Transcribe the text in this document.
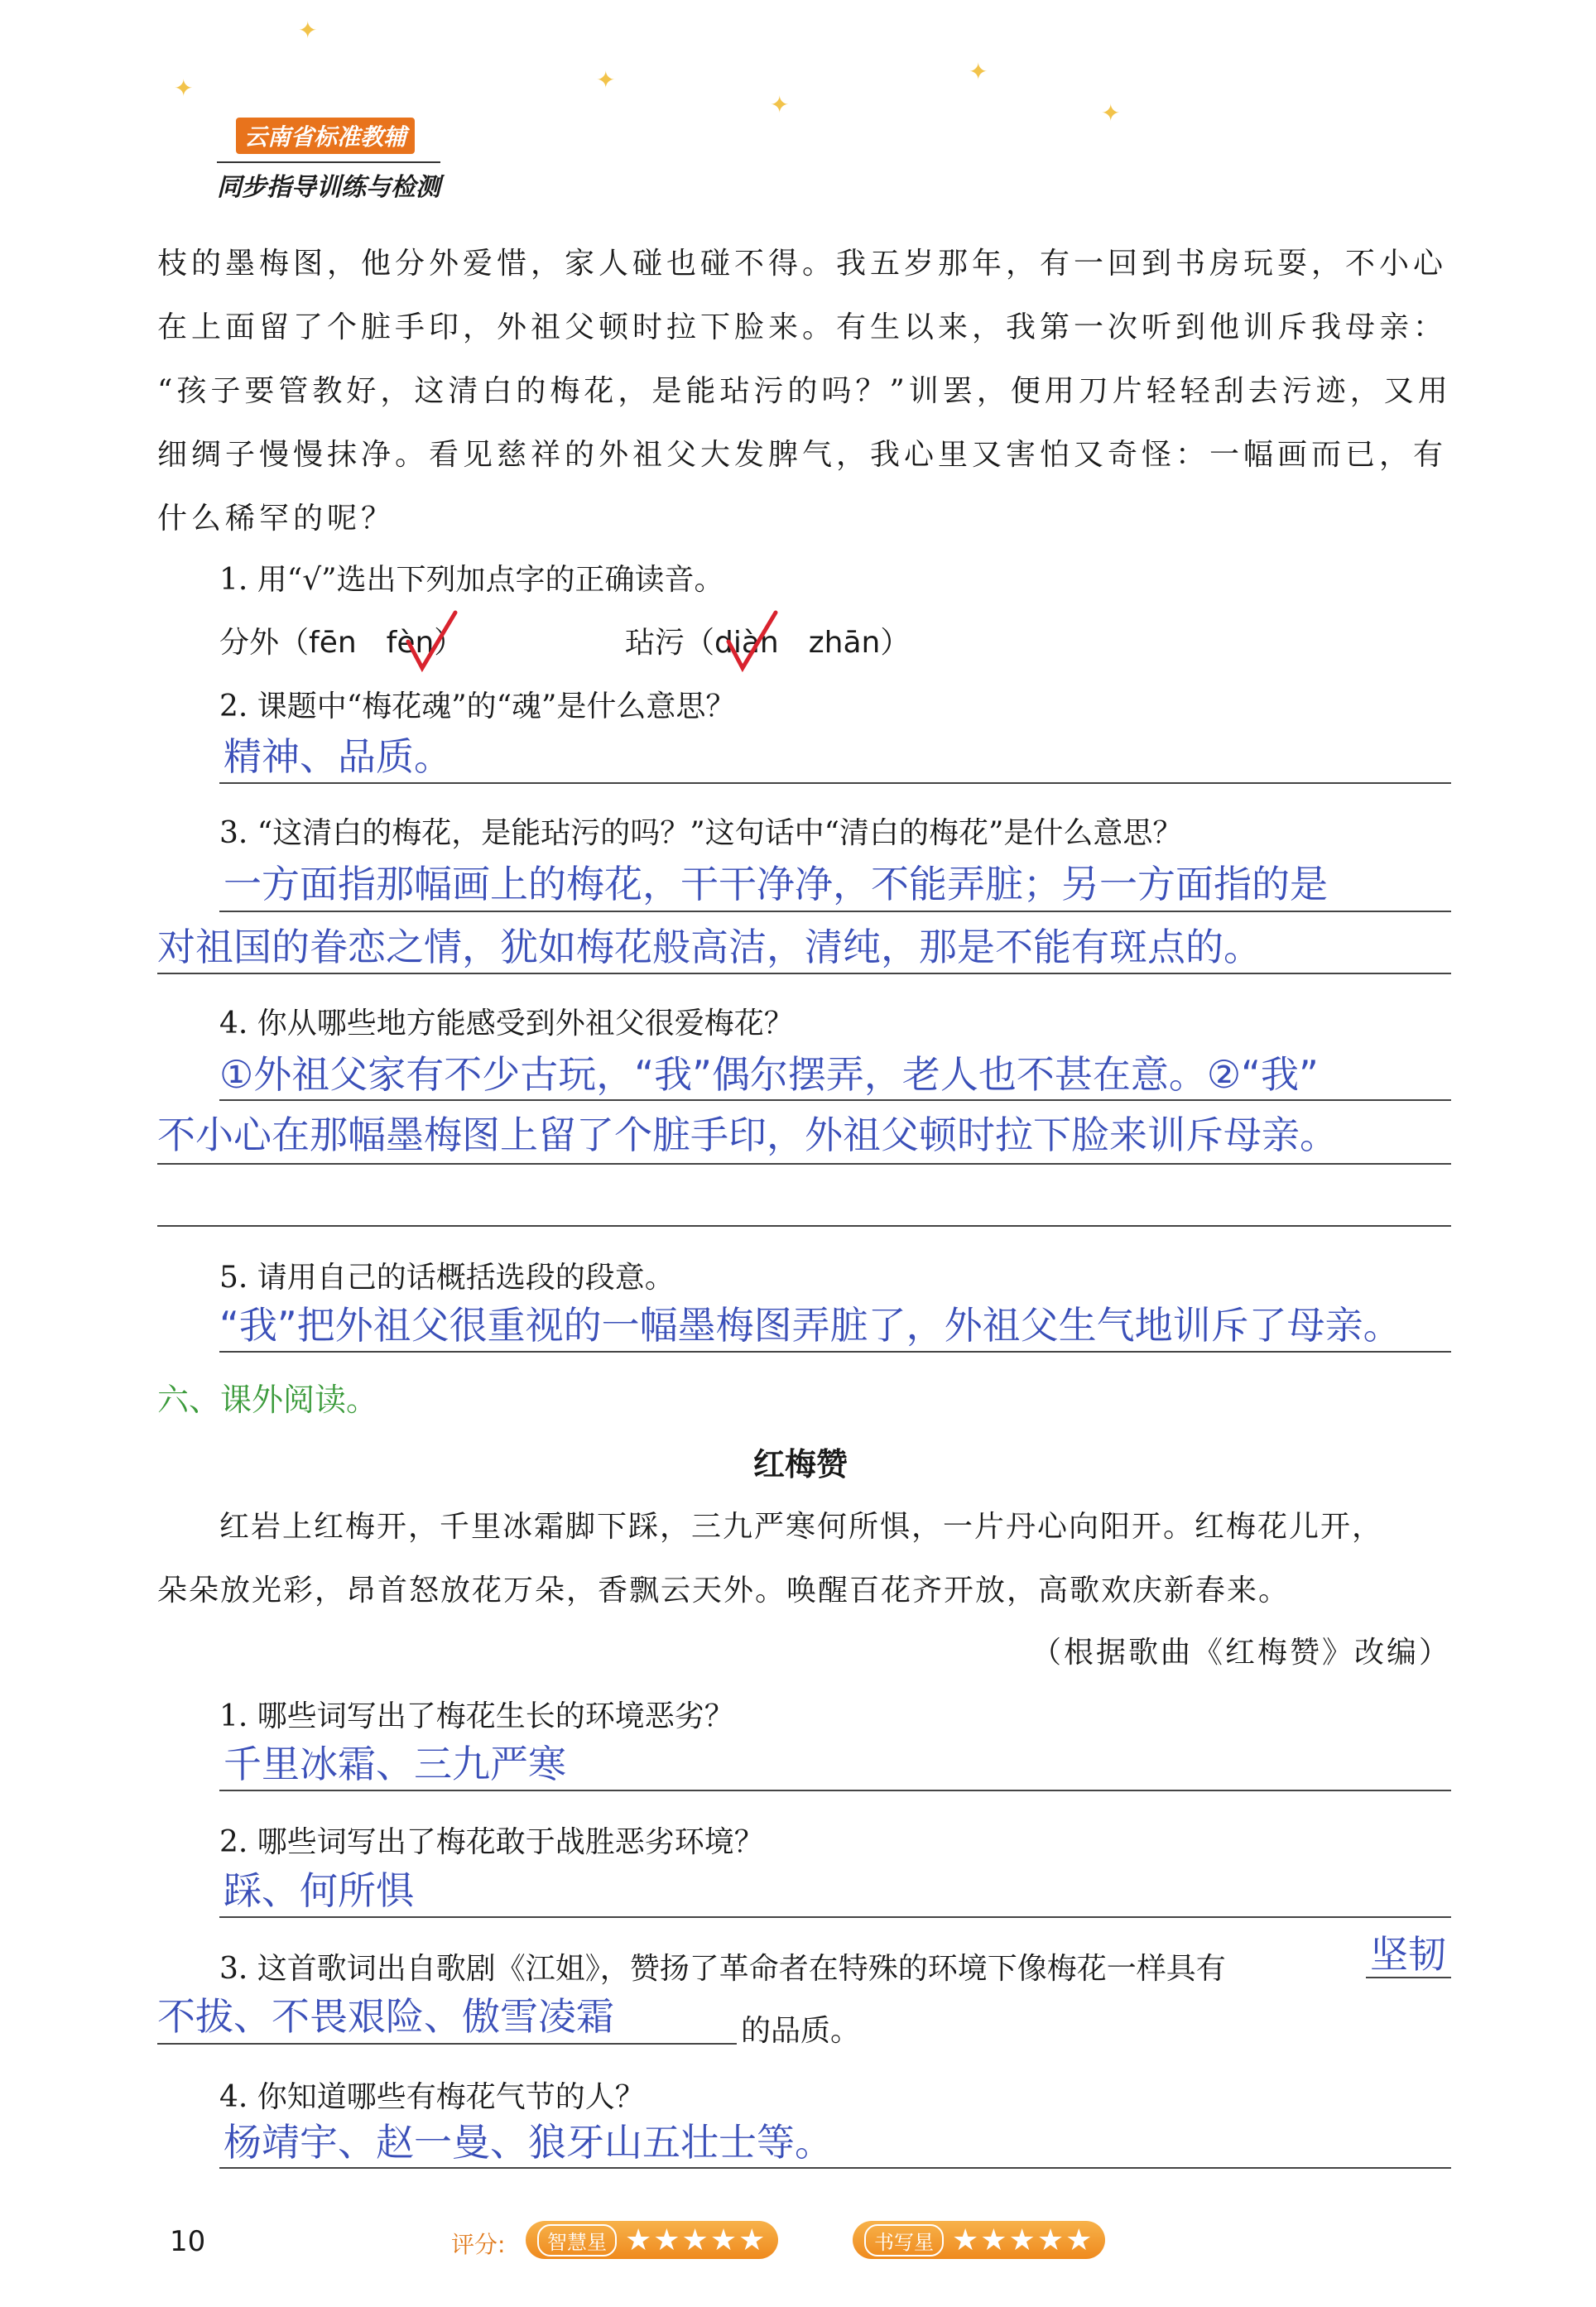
✦
✦
✦
✦
✦
✦
云南省标准教辅
同步指导训练与检测
枝的墨梅图，他分外爱惜，家人碰也碰不得。我五岁那年，有一回到书房玩耍，不小心
在上面留了个脏手印，外祖父顿时拉下脸来。有生以来，我第一次听到他训斥我母亲：
“孩子要管教好，这清白的梅花，是能玷污的吗？”训罢，便用刀片轻轻刮去污迹，又用
细绸子慢慢抹净。看见慈祥的外祖父大发脾气，我心里又害怕又奇怪：一幅画而已，有
什么稀罕的呢？
1. 用“√”选出下列加点字的正确读音。
分外（fēn　fèn）	玷污（diàn　zhān）
2. 课题中“梅花魂”的“魂”是什么意思？
精神、品质。
3. “这清白的梅花，是能玷污的吗？”这句话中“清白的梅花”是什么意思？
一方面指那幅画上的梅花，干干净净，不能弄脏；另一方面指的是
对祖国的眷恋之情，犹如梅花般高洁，清纯，那是不能有斑点的。
4. 你从哪些地方能感受到外祖父很爱梅花？
①外祖父家有不少古玩，“我”偶尔摆弄，老人也不甚在意。②“我”
不小心在那幅墨梅图上留了个脏手印，外祖父顿时拉下脸来训斥母亲。
5. 请用自己的话概括选段的段意。
“我”把外祖父很重视的一幅墨梅图弄脏了，外祖父生气地训斥了母亲。
六、课外阅读。
红梅赞
红岩上红梅开，千里冰霜脚下踩，三九严寒何所惧，一片丹心向阳开。红梅花儿开，
朵朵放光彩，昂首怒放花万朵，香飘云天外。唤醒百花齐开放，高歌欢庆新春来。
（根据歌曲《红梅赞》改编）
1. 哪些词写出了梅花生长的环境恶劣？
千里冰霜、三九严寒
2. 哪些词写出了梅花敢于战胜恶劣环境？
踩、何所惧
3. 这首歌词出自歌剧《江姐》，赞扬了革命者在特殊的环境下像梅花一样具有	坚韧
不拔、不畏艰险、傲雪凌霜	的品质。
4. 你知道哪些有梅花气节的人？
杨靖宇、赵一曼、狼牙山五壮士等。
10	评分:	智慧星 ★★★★★	书写星 ★★★★★
